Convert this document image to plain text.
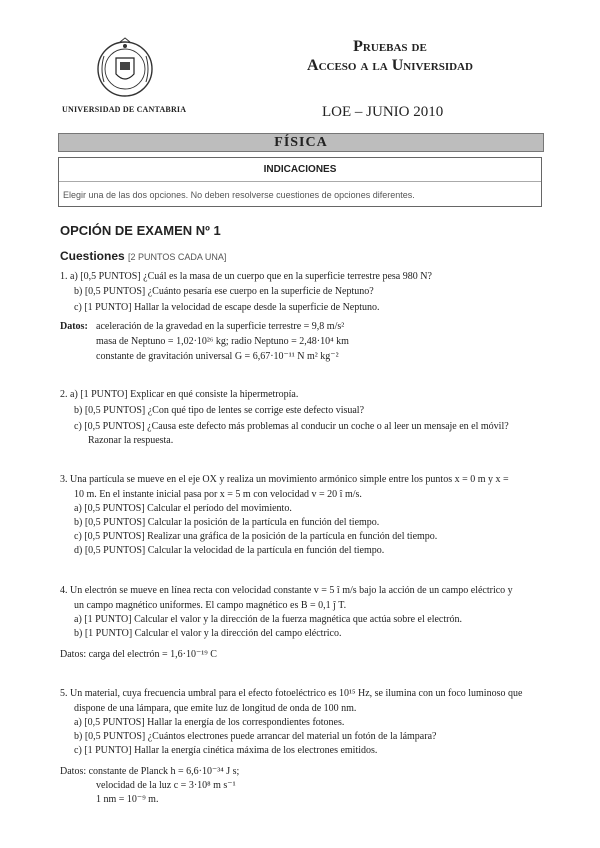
UNIVERSIDAD DE CANTABRIA
Pruebas de
Acceso a la Universidad
LOE – JUNIO 2010
FÍSICA
INDICACIONES
Elegir una de las dos opciones. No deben resolverse cuestiones de opciones diferentes.
OPCIÓN DE EXAMEN Nº 1
Cuestiones [2 PUNTOS CADA UNA]
1. a) [0,5 PUNTOS] ¿Cuál es la masa de un cuerpo que en la superficie terrestre pesa 980 N?
b) [0,5 PUNTOS] ¿Cuánto pesaría ese cuerpo en la superficie de Neptuno?
c) [1 PUNTO] Hallar la velocidad de escape desde la superficie de Neptuno.
Datos: aceleración de la gravedad en la superficie terrestre = 9,8 m/s²
masa de Neptuno = 1,02·10²⁶ kg; radio Neptuno = 2,48·10⁴ km
constante de gravitación universal G = 6,67·10⁻¹¹ N m² kg⁻²
2. a) [1 PUNTO] Explicar en qué consiste la hipermetropía.
b) [0,5 PUNTOS] ¿Con qué tipo de lentes se corrige este defecto visual?
c) [0,5 PUNTOS] ¿Causa este defecto más problemas al conducir un coche o al leer un mensaje en el móvil?
Razonar la respuesta.
3. Una partícula se mueve en el eje OX y realiza un movimiento armónico simple entre los puntos x = 0 m y x =
10 m. En el instante inicial pasa por x = 5 m con velocidad v = 20 î m/s.
a) [0,5 PUNTOS] Calcular el período del movimiento.
b) [0,5 PUNTOS] Calcular la posición de la partícula en función del tiempo.
c) [0,5 PUNTOS] Realizar una gráfica de la posición de la partícula en función del tiempo.
d) [0,5 PUNTOS] Calcular la velocidad de la partícula en función del tiempo.
4. Un electrón se mueve en línea recta con velocidad constante v = 5 î m/s bajo la acción de un campo eléctrico y
un campo magnético uniformes. El campo magnético es B = 0,1 ĵ T.
a) [1 PUNTO] Calcular el valor y la dirección de la fuerza magnética que actúa sobre el electrón.
b) [1 PUNTO] Calcular el valor y la dirección del campo eléctrico.
Datos: carga del electrón = 1,6·10⁻¹⁹ C
5. Un material, cuya frecuencia umbral para el efecto fotoeléctrico es 10¹⁵ Hz, se ilumina con un foco luminoso que
dispone de una lámpara, que emite luz de longitud de onda de 100 nm.
a) [0,5 PUNTOS] Hallar la energía de los correspondientes fotones.
b) [0,5 PUNTOS] ¿Cuántos electrones puede arrancar del material un fotón de la lámpara?
c) [1 PUNTO] Hallar la energía cinética máxima de los electrones emitidos.
Datos: constante de Planck h = 6,6·10⁻³⁴ J s;
velocidad de la luz c = 3·10⁸ m s⁻¹
1 nm = 10⁻⁹ m.
